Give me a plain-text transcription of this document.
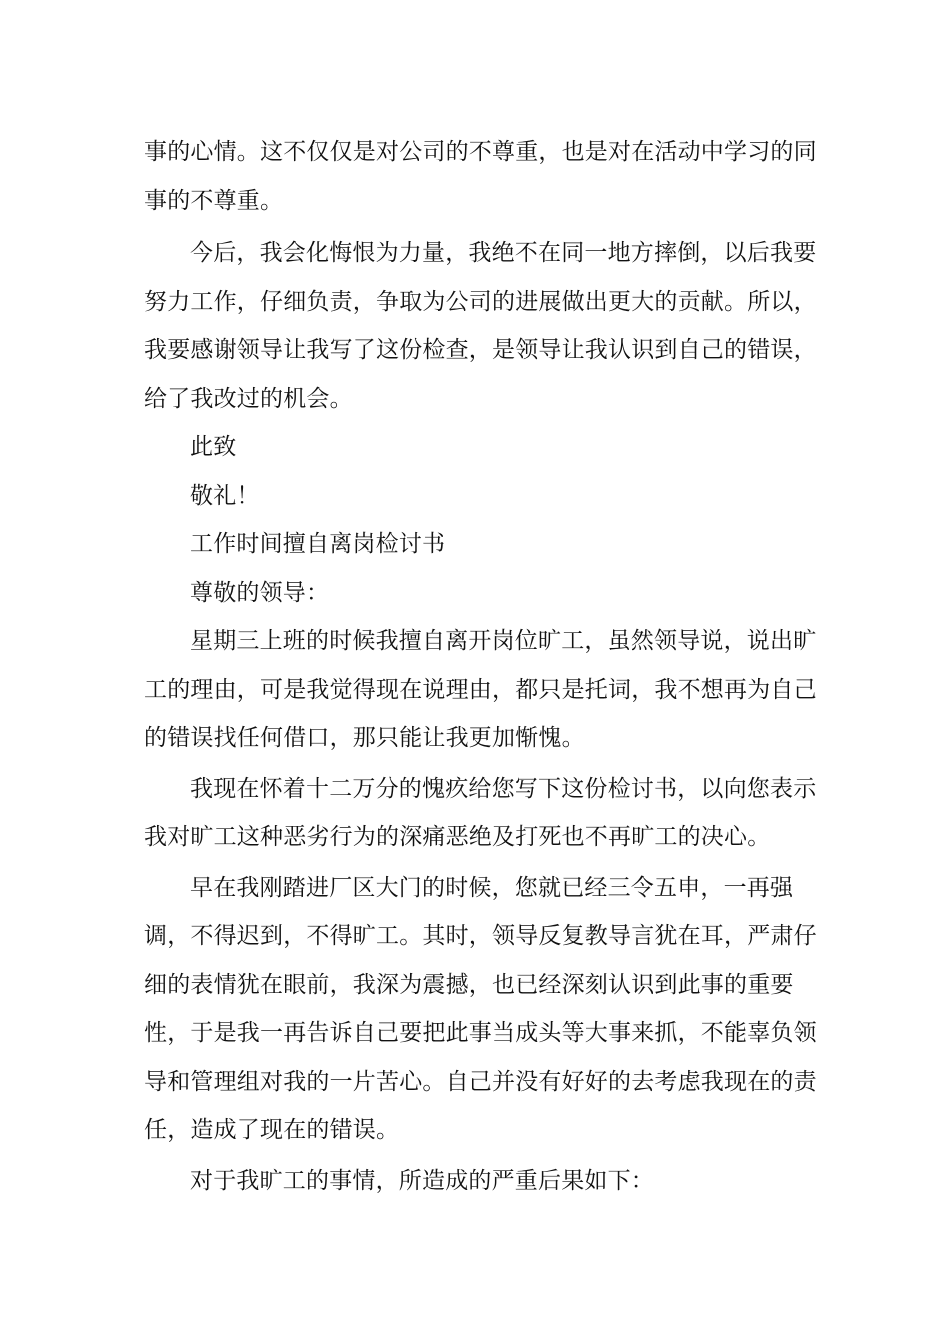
事的心情。这不仅仅是对公司的不尊重，也是对在活动中学习的同事的不尊重。

今后，我会化悔恨为力量，我绝不在同一地方摔倒，以后我要努力工作，仔细负责，争取为公司的进展做出更大的贡献。所以，我要感谢领导让我写了这份检查，是领导让我认识到自己的错误，给了我改过的机会。

此致

敬礼！

工作时间擅自离岗检讨书

尊敬的领导：

星期三上班的时候我擅自离开岗位旷工，虽然领导说，说出旷工的理由，可是我觉得现在说理由，都只是托词，我不想再为自己的错误找任何借口，那只能让我更加惭愧。

我现在怀着十二万分的愧疚给您写下这份检讨书，以向您表示我对旷工这种恶劣行为的深痛恶绝及打死也不再旷工的决心。

早在我刚踏进厂区大门的时候，您就已经三令五申，一再强调，不得迟到，不得旷工。其时，领导反复教导言犹在耳，严肃仔细的表情犹在眼前，我深为震撼，也已经深刻认识到此事的重要性，于是我一再告诉自己要把此事当成头等大事来抓，不能辜负领导和管理组对我的一片苦心。自己并没有好好的去考虑我现在的责任，造成了现在的错误。

对于我旷工的事情，所造成的严重后果如下：
